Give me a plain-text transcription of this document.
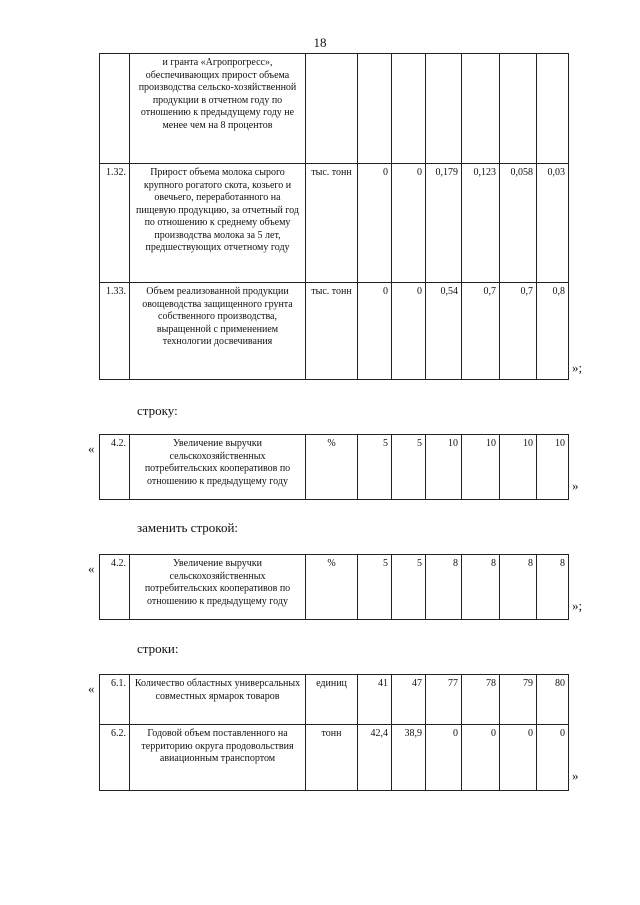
18
	и гранта «Агропрогресс», обеспечивающих прирост объема производства сельско-хозяйственной продукции в отчетном году по отношению к предыдущему году не менее чем на 8 процентов							
1.32.	Прирост объема молока сырого крупного рогатого скота, козьего и овечьего, переработанного на пищевую продукцию, за отчетный год по отношению к среднему объему производства молока за 5 лет, предшествующих отчетному году	тыс. тонн	0	0	0,179	0,123	0,058	0,03
1.33.	Объем реализованной продукции овощеводства защищенного грунта собственного производства, выращенной с применением технологии досвечивания	тыс. тонн	0	0	0,54	0,7	0,7	0,8
»;
строку:
« 4.2.	Увеличение выручки сельскохозяйственных потребительских кооперативов по отношению к предыдущему году	%	5	5	10	10	10	10
»
заменить строкой:
« 4.2.	Увеличение выручки сельскохозяйственных потребительских кооперативов по отношению к предыдущему году	%	5	5	8	8	8	8
»;
строки:
« 6.1.	Количество областных универсальных совместных ярмарок товаров	единиц	41	47	77	78	79	80
6.2.	Годовой объем поставленного на территорию округа продовольствия авиационным транспортом	тонн	42,4	38,9	0	0	0	0
»
